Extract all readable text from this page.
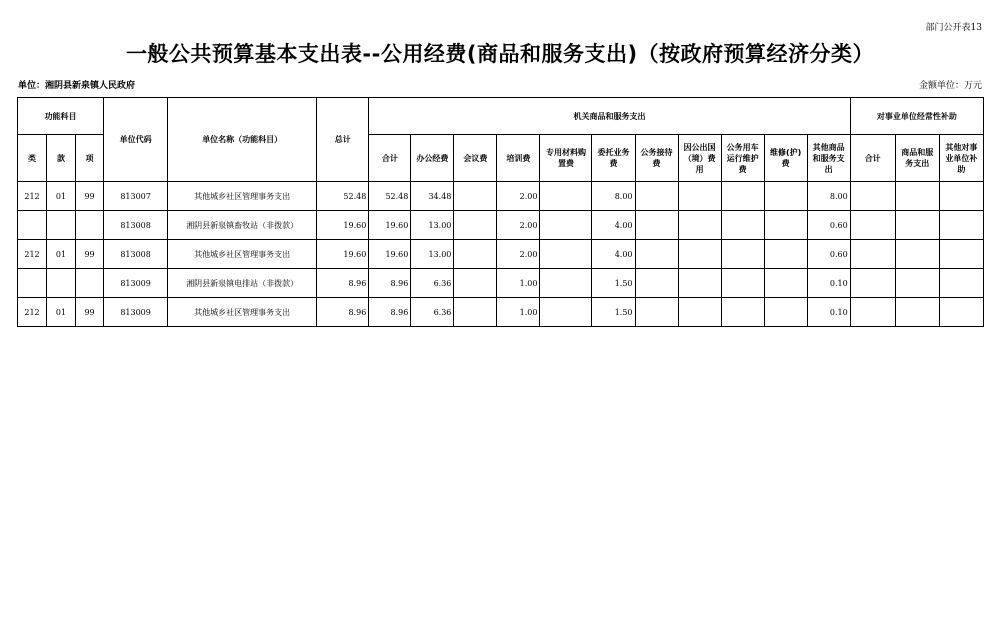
部门公开表13
一般公共预算基本支出表--公用经费(商品和服务支出)（按政府预算经济分类）
单位：湘阴县新泉镇人民政府	金额单位：万元
功能科目			单位代码	单位名称（功能科目）	总计	机关商品和服务支出											对事业单位经常性补助		
类	款	项				合计	办公经费	会议费	培训费	专用材料购置费	委托业务费	公务接待费	因公出国（境）费用	公务用车运行维护费	维修(护)费	其他商品和服务支出	合计	商品和服务支出	其他对事业单位补助
212	01	99	813007	其他城乡社区管理事务支出	52.48	52.48	34.48		2.00		8.00					8.00			
			813008	湘阴县新泉镇畜牧站（非拨款）	19.60	19.60	13.00		2.00		4.00					0.60			
212	01	99	813008	其他城乡社区管理事务支出	19.60	19.60	13.00		2.00		4.00					0.60			
			813009	湘阴县新泉镇电排站（非拨款）	8.96	8.96	6.36		1.00		1.50					0.10			
212	01	99	813009	其他城乡社区管理事务支出	8.96	8.96	6.36		1.00		1.50					0.10			
